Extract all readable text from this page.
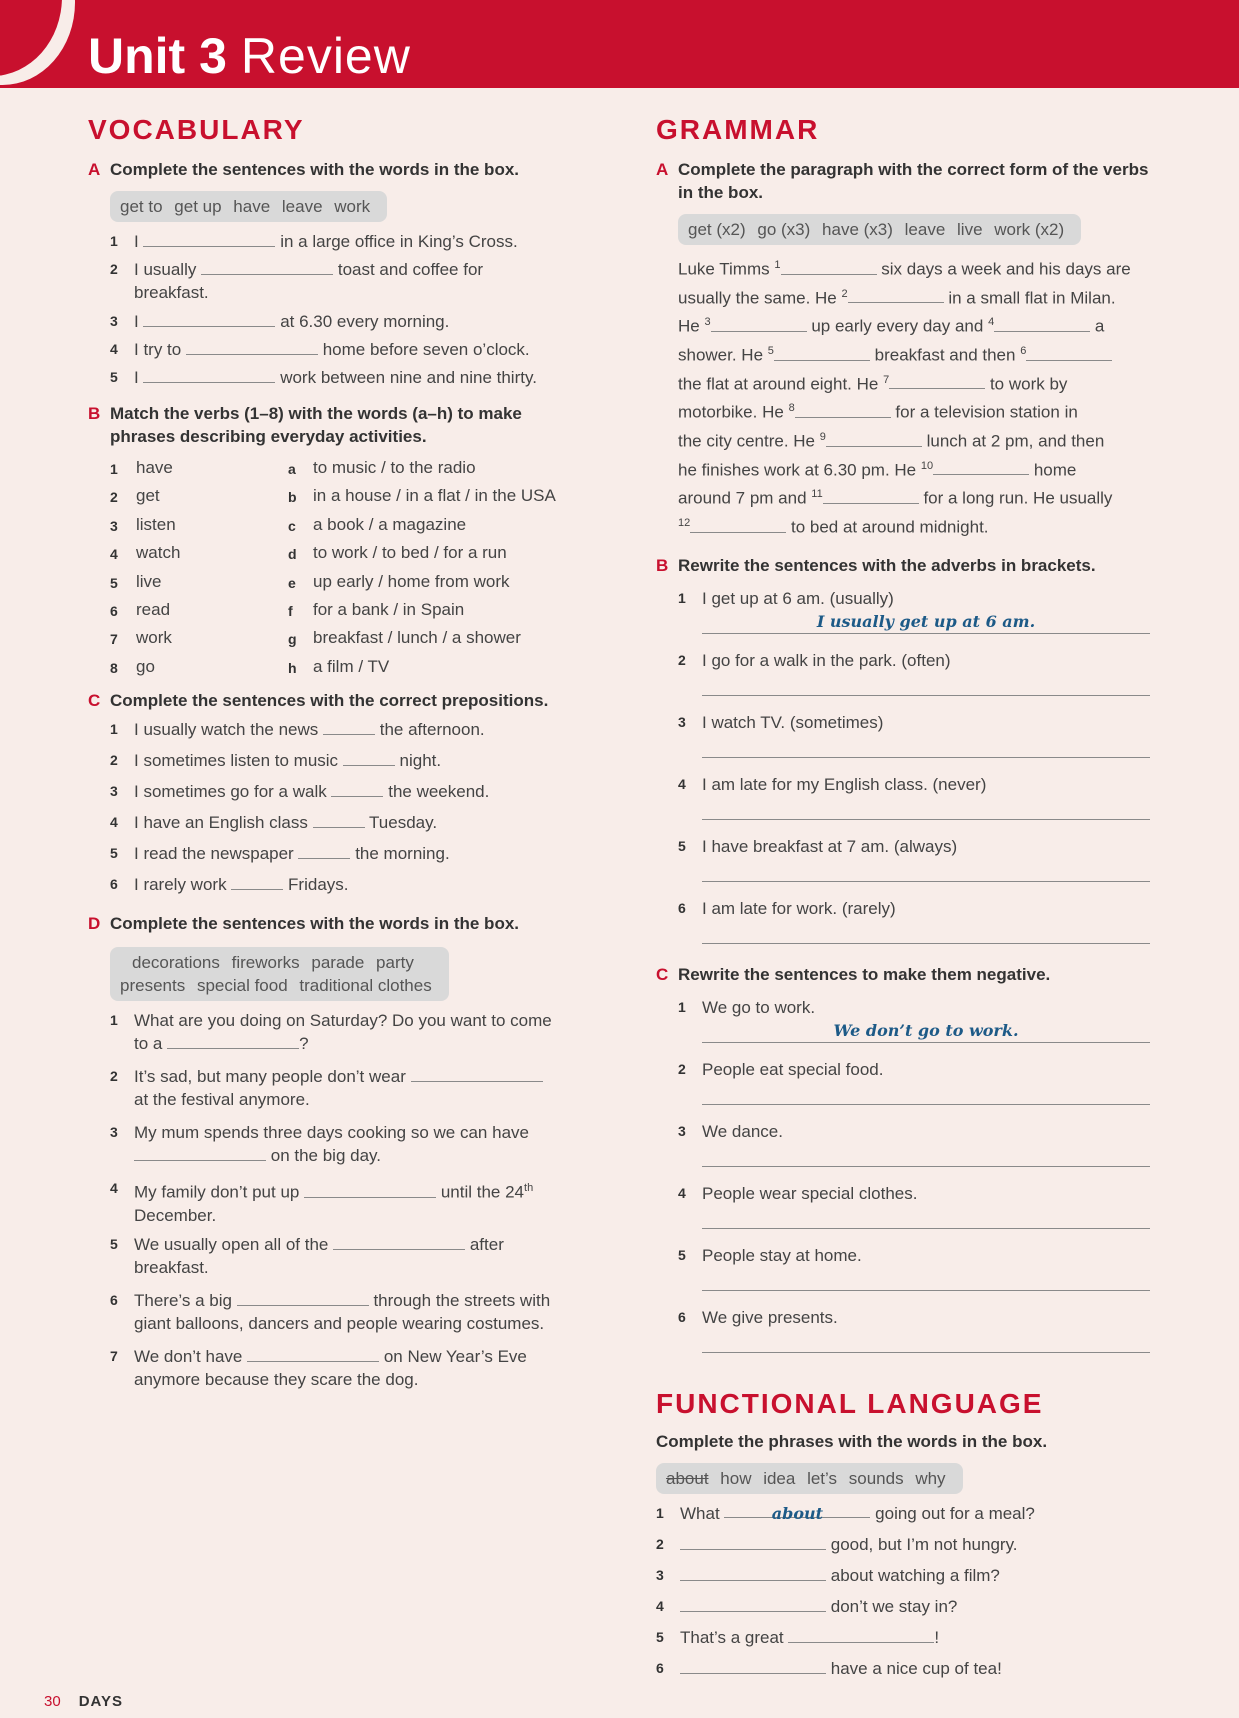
Unit 3 Review
VOCABULARY
A Complete the sentences with the words in the box.
get to get up have leave work
1 I	in a large office in King’s Cross.
2 I usually	toast and coffee for
breakfast.
3 I	at 6.30 every morning.
4 I try to	home before seven o’clock.
5 I	work between nine and nine thirty.
B Match the verbs (1–8) with the words (a–h) to make phrases describing everyday activities.
1 have	a to music / to the radio
2 get	b in a house / in a flat / in the USA
3 listen	c a book / a magazine
4 watch	d to work / to bed / for a run
5 live	e up early / home from work
6 read	f for a bank / in Spain
7 work	g breakfast / lunch / a shower
8 go	h a film / TV
C Complete the sentences with the correct prepositions.
1 I usually watch the news	the afternoon.
2 I sometimes listen to music	night.
3 I sometimes go for a walk	the weekend.
4 I have an English class	Tuesday.
5 I read the newspaper	the morning.
6 I rarely work	Fridays.
D Complete the sentences with the words in the box.
decorations fireworks parade party
presents special food traditional clothes
1 What are you doing on Saturday? Do you want to come
to a	?
2 It’s sad, but many people don’t wear
at the festival anymore.
3 My mum spends three days cooking so we can have
on the big day.
4 My family don’t put up	until the 24th
December.
5 We usually open all of the	after
breakfast.
6 There’s a big	through the streets with
giant balloons, dancers and people wearing costumes.
7 We don’t have	on New Year’s Eve
anymore because they scare the dog.
GRAMMAR
A Complete the paragraph with the correct form of the verbs in the box.
get (x2) go (x3) have (x3) leave live work (x2)
Luke Timms $^1$	six days a week and his days are
usually the same. He $^2$	in a small flat in Milan.
He $^3$	up early every day and $^4$	a
shower. He $^5$	breakfast and then $^6$
the flat at around eight. He $^7$	to work by
motorbike. He $^8$	for a television station in
the city centre. He $^9$	lunch at 2 pm, and then
he finishes work at 6.30 pm. He $^{10}$	home
around 7 pm and $^{11}$	for a long run. He usually
$^{12}$	to bed at around midnight.
B Rewrite the sentences with the adverbs in brackets.
1 I get up at 6 am. (usually)
I usually get up at 6 am.
2 I go for a walk in the park. (often)
3 I watch TV. (sometimes)
4 I am late for my English class. (never)
5 I have breakfast at 7 am. (always)
6 I am late for work. (rarely)
C Rewrite the sentences to make them negative.
1 We go to work.
We don’t go to work.
2 People eat special food.
3 We dance.
4 People wear special clothes.
5 People stay at home.
6 We give presents.
FUNCTIONAL LANGUAGE
Complete the phrases with the words in the box.
about how idea let’s sounds why
1 What	about	going out for a meal?
2	good, but I’m not hungry.
3	about watching a film?
4	don’t we stay in?
5 That’s a great	!
6	have a nice cup of tea!
30 DAYS
